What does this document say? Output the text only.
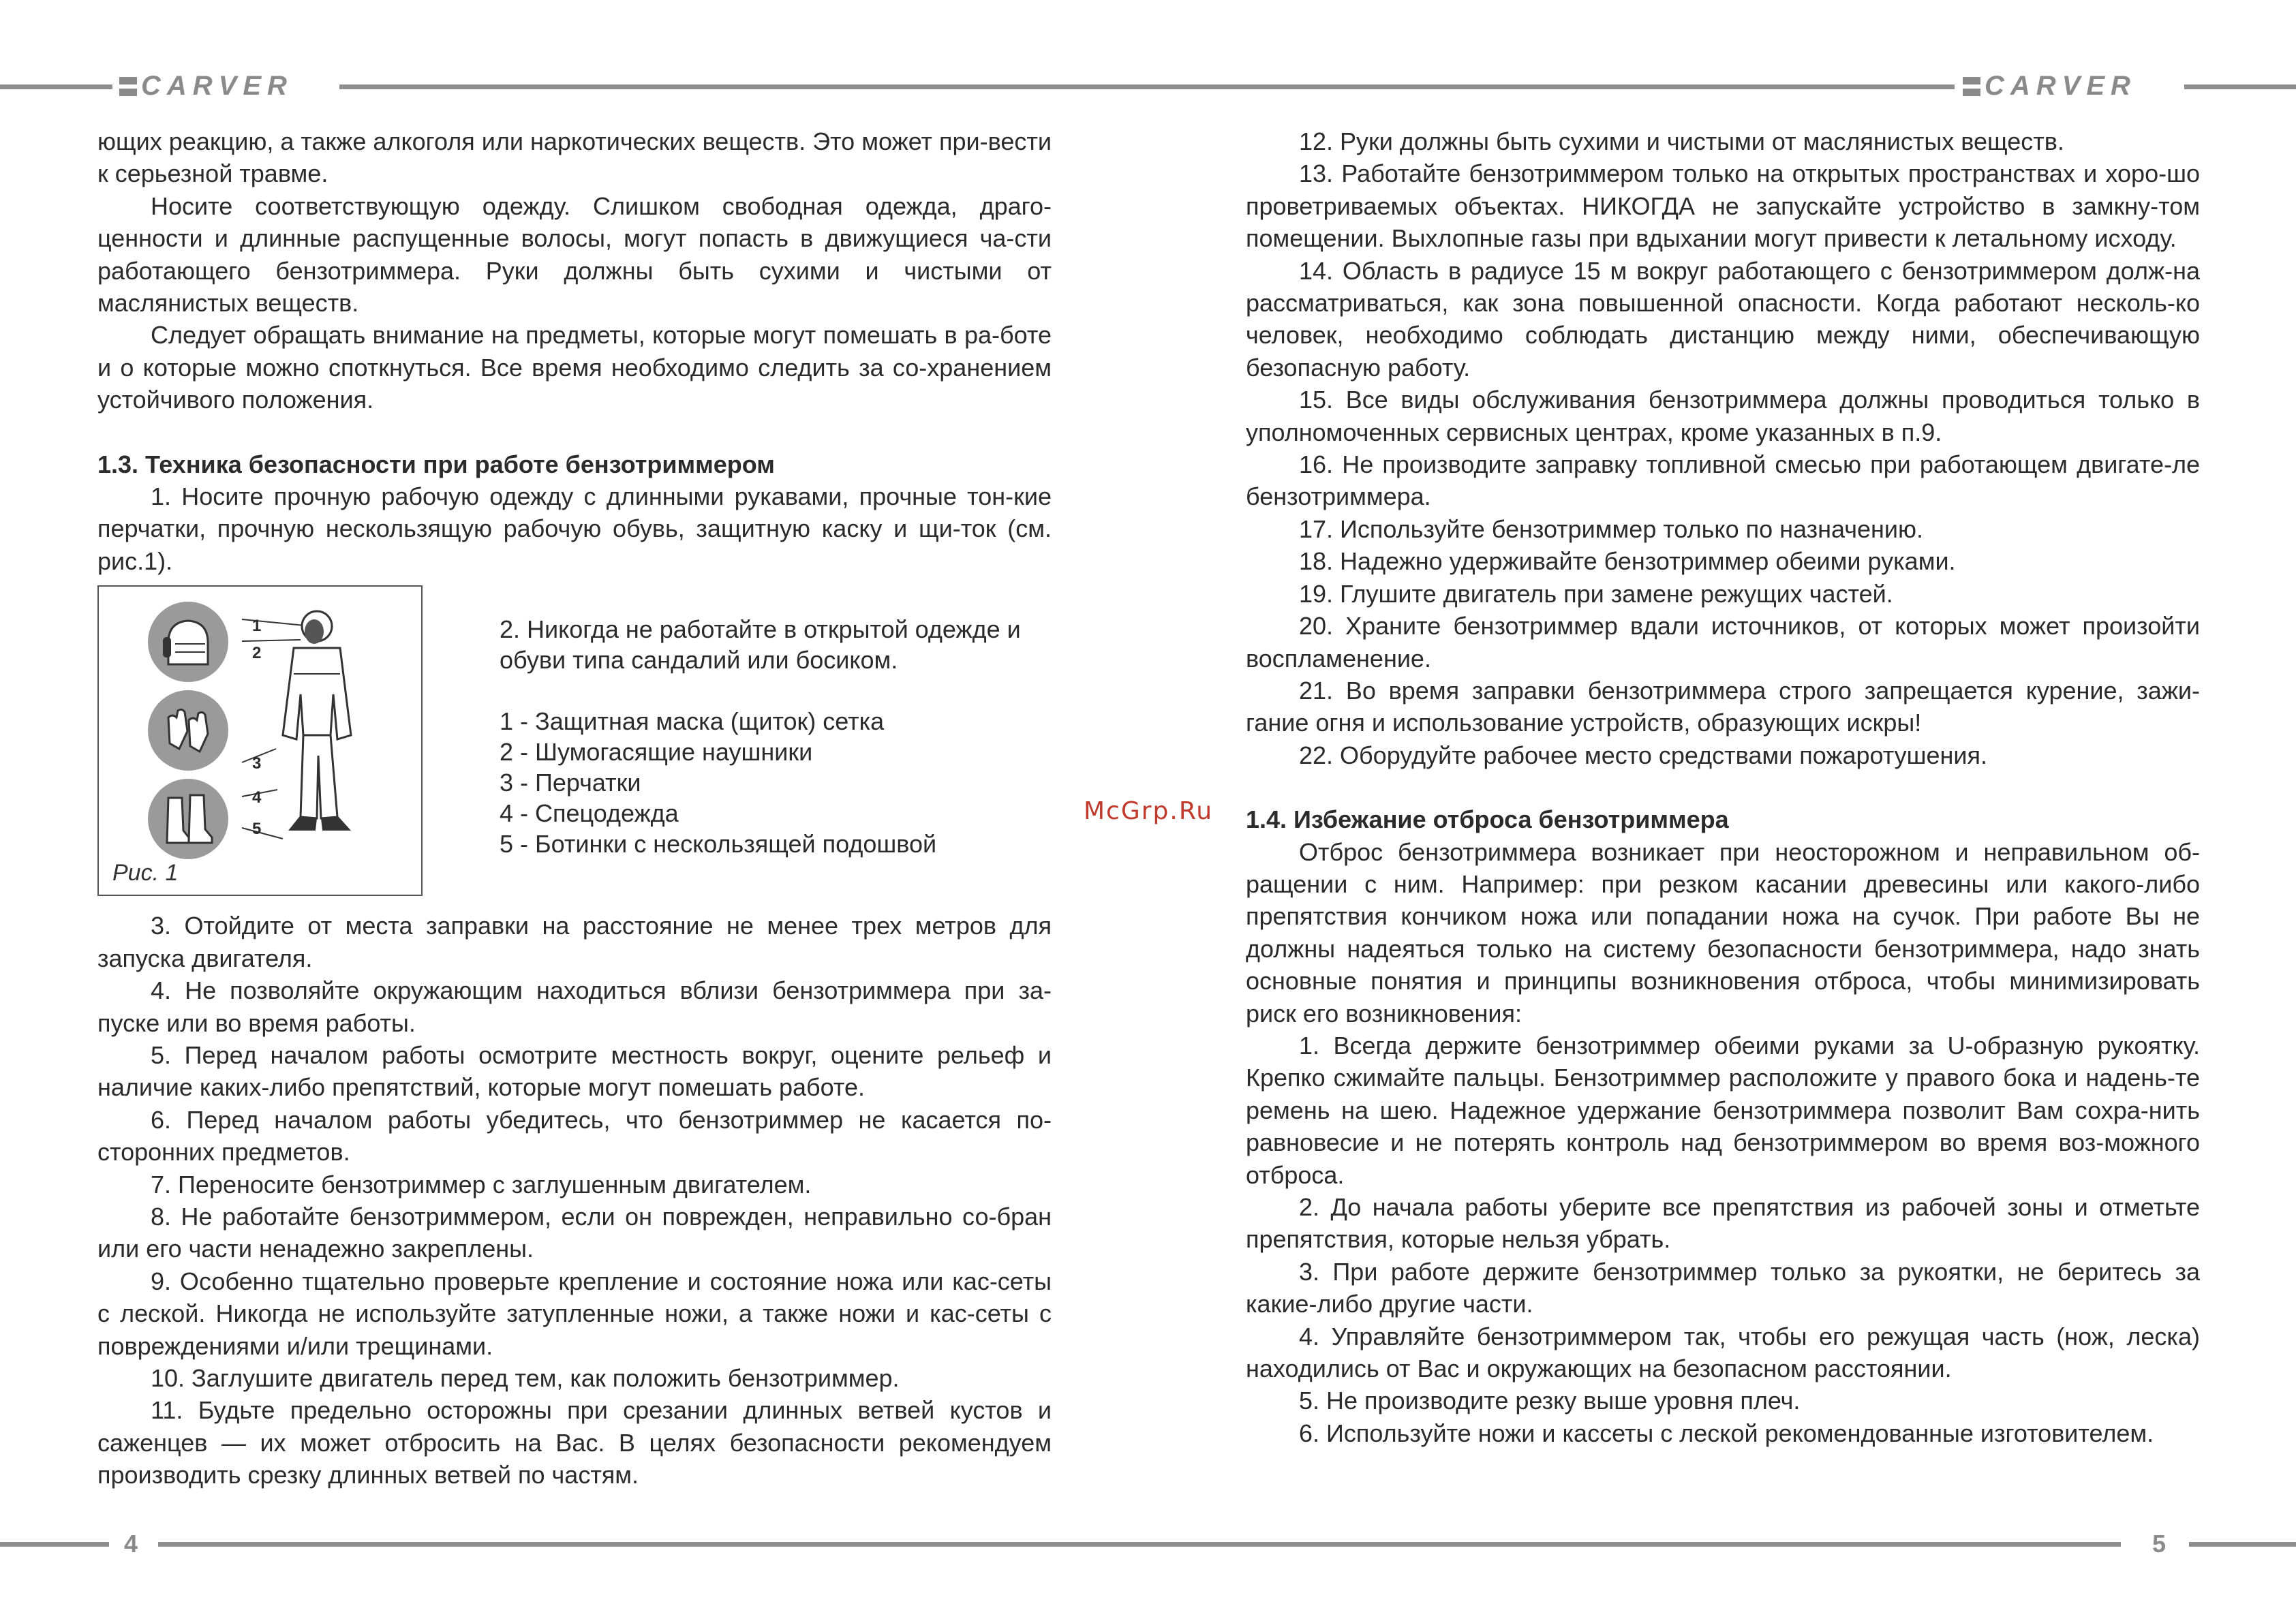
CARVER	CARVER
4	5

ющих реакцию, а также алкоголя или наркотических веществ. Это может при-вести к серьезной травме.

Носите соответствующую одежду. Слишком свободная одежда, драго-ценности и длинные распущенные волосы, могут попасть в движущиеся ча-сти работающего бензотриммера. Руки должны быть сухими и чистыми от маслянистых веществ.

Следует обращать внимание на предметы, которые могут помешать в ра-боте и о которые можно споткнуться. Все время необходимо следить за со-хранением устойчивого положения.

1.3. Техника безопасности при работе бензотриммером

1. Носите прочную рабочую одежду с длинными рукавами, прочные тон-кие перчатки, прочную нескользящую рабочую обувь, защитную каску и щи-ток (см. рис.1).

1
2
3
4
5
Рис. 1
2. Никогда не работайте в открытой одежде и обуви типа сандалий или босиком.
1 - Защитная маска (щиток) сетка
2 - Шумогасящие наушники
3 - Перчатки
4 - Спецодежда
5 - Ботинки с нескользящей подошвой

3. Отойдите от места заправки на расстояние не менее трех метров для запуска двигателя.

4. Не позволяйте окружающим находиться вблизи бензотриммера при за-пуске или во время работы.

5. Перед началом работы осмотрите местность вокруг, оцените рельеф и наличие каких-либо препятствий, которые могут помешать работе.

6. Перед началом работы убедитесь, что бензотриммер не касается по-сторонних предметов.

7. Переносите бензотриммер с заглушенным двигателем.

8. Не работайте бензотриммером, если он поврежден, неправильно со-бран или его части ненадежно закреплены.

9. Особенно тщательно проверьте крепление и состояние ножа или кас-сеты с леской. Никогда не используйте затупленные ножи, а также ножи и кас-сеты с повреждениями и/или трещинами.

10. Заглушите двигатель перед тем, как положить бензотриммер.

11. Будьте предельно осторожны при срезании длинных ветвей кустов и саженцев — их может отбросить на Вас. В целях безопасности рекомендуем производить срезку длинных ветвей по частям.

McGrp.Ru

12. Руки должны быть сухими и чистыми от маслянистых веществ.

13. Работайте бензотриммером только на открытых пространствах и хоро-шо проветриваемых объектах. НИКОГДА не запускайте устройство в замкну-том помещении. Выхлопные газы при вдыхании могут привести к летальному исходу.

14. Область в радиусе 15 м вокруг работающего с бензотриммером долж-на рассматриваться, как зона повышенной опасности. Когда работают несколь-ко человек, необходимо соблюдать дистанцию между ними, обеспечивающую безопасную работу.

15. Все виды обслуживания бензотриммера должны проводиться только в уполномоченных сервисных центрах, кроме указанных в п.9.

16. Не производите заправку топливной смесью при работающем двигате-ле бензотриммера.

17. Используйте бензотриммер только по назначению.

18. Надежно удерживайте бензотриммер обеими руками.

19. Глушите двигатель при замене режущих частей.

20. Храните бензотриммер вдали источников, от которых может произойти воспламенение.

21. Во время заправки бензотриммера строго запрещается курение, зажи-гание огня и использование устройств, образующих искры!

22. Оборудуйте рабочее место средствами пожаротушения.

1.4. Избежание отброса бензотриммера

Отброс бензотриммера возникает при неосторожном и неправильном об-ращении с ним. Например: при резком касании древесины или какого-либо препятствия кончиком ножа или попадании ножа на сучок. При работе Вы не должны надеяться только на систему безопасности бензотриммера, надо знать основные понятия и принципы возникновения отброса, чтобы минимизировать риск его возникновения:

1. Всегда держите бензотриммер обеими руками за U-образную рукоятку. Крепко сжимайте пальцы. Бензотриммер расположите у правого бока и надень-те ремень на шею. Надежное удержание бензотриммера позволит Вам сохра-нить равновесие и не потерять контроль над бензотриммером во время воз-можного отброса.

2. До начала работы уберите все препятствия из рабочей зоны и отметьте препятствия, которые нельзя убрать.

3. При работе держите бензотриммер только за рукоятки, не беритесь за какие-либо другие части.

4. Управляйте бензотриммером так, чтобы его режущая часть (нож, леска) находились от Вас и окружающих на безопасном расстоянии.

5. Не производите резку выше уровня плеч.

6. Используйте ножи и кассеты с леской рекомендованные изготовителем.
